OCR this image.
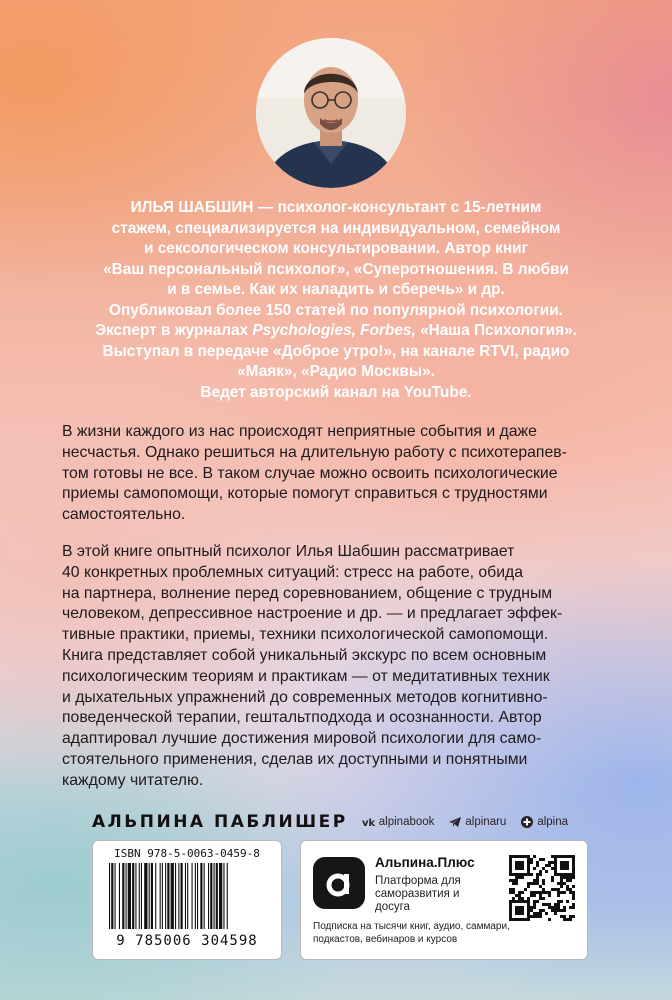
ИЛЬЯ ШАБШИН — психолог-консультант с 15-летним

стажем, специализируется на индивидуальном, семейном

и сексологическом консультировании. Автор книг

«Ваш персональный психолог», «Суперотношения. В любви

и в семье. Как их наладить и сберечь» и др.

Опубликовал более 150 статей по популярной психологии.

Эксперт в журналах Psychologies, Forbes, «Наша Психология».

Выступал в передаче «Доброе утро!», на канале RTVI, радио

«Маяк», «Радио Москвы».

Ведет авторский канал на YouTube.

В жизни каждого из нас происходят неприятные события и даже

несчастья. Однако решиться на длительную работу с психотерапев-

том готовы не все. В таком случае можно освоить психологические

приемы самопомощи, которые помогут справиться с трудностями

самостоятельно.

В этой книге опытный психолог Илья Шабшин рассматривает

40 конкретных проблемных ситуаций: стресс на работе, обида

на партнера, волнение перед соревнованием, общение с трудным

человеком, депрессивное настроение и др. — и предлагает эффек-

тивные практики, приемы, техники психологической самопомощи.

Книга представляет собой уникальный экскурс по всем основным

психологическим теориям и практикам — от медитативных техник

и дыхательных упражнений до современных методов когнитивно-

поведенческой терапии, гештальтподхода и осознанности. Автор

адаптировал лучшие достижения мировой психологии для само-

стоятельного применения, сделав их доступными и понятными

каждому читателю.

АЛЬПИНА ПАБЛИШЕР vk alpinabook	alpinaru	alpina
ISBN 978-5-0063-0459-8
9 785006 304598
Альпина.Плюс
Платформа для саморазвития и досуга
Подписка на тысячи книг, аудио, саммари, подкастов, вебинаров и курсов
